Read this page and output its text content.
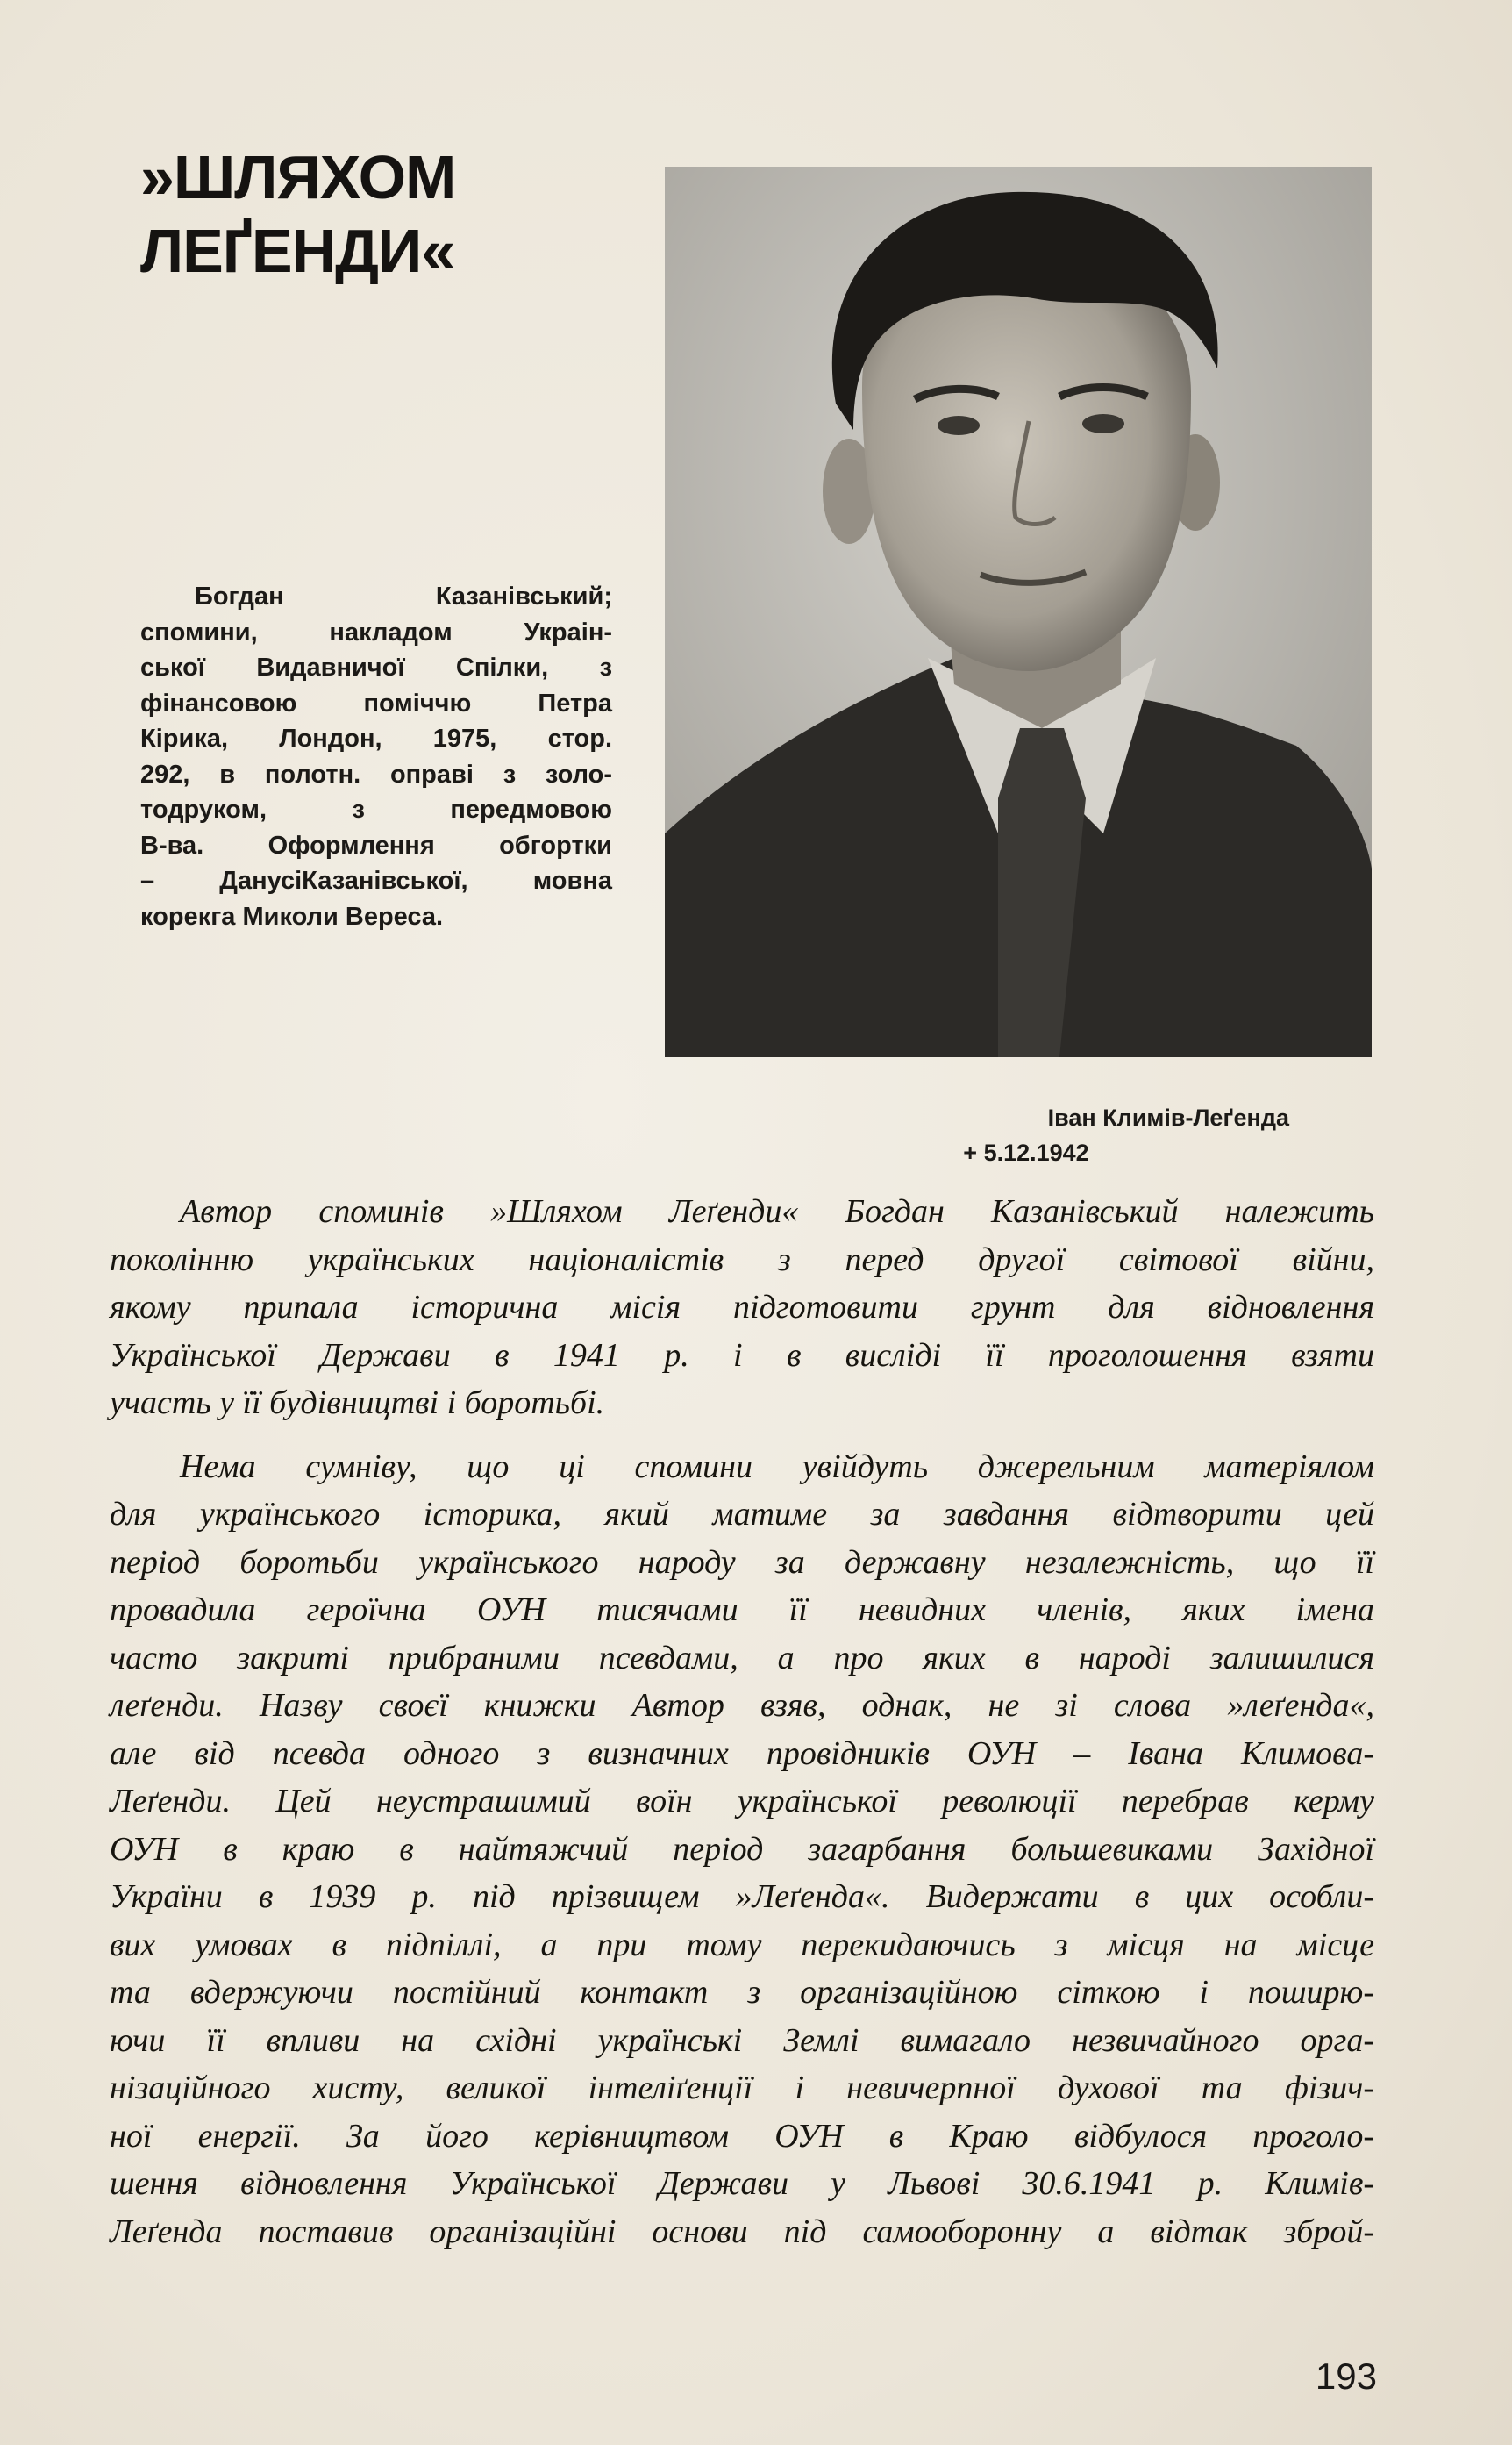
»ШЛЯХОМ
ЛЕҐЕНДИ«
Богдан Казанівський;
спомини, накладом Украін-
ської Видавничої Спілки, з
фінансовою поміччю Петра
Кірика, Лондон, 1975, стор.
292, в полотн. оправі з золо-
тодруком, з передмовою
В-ва. Оформлення обгортки
– ДанусіКазанівської, мовна
корекга Миколи Вереса.
Іван Климів-Леґенда
+ 5.12.1942
Автор споминів »Шляхом Леґенди« Богдан Казанівський належить
поколінню українських націоналістів з перед другої світової війни,
якому припала історична місія підготовити грунт для відновлення
Української Держави в 1941 р. і в висліді її проголошення взяти
участь у її будівництві і боротьбі.
Нема сумніву, що ці спомини увійдуть джерельним матеріялом
для українського історика, який матиме за завдання відтворити цей
період боротьби українського народу за державну незалежність, що її
провадила героїчна ОУН тисячами її невидних членів, яких імена
часто закриті прибраними псевдами, а про яких в народі залишилися
леґенди. Назву своєї книжки Автор взяв, однак, не зі слова »леґенда«,
але від псевда одного з визначних провідників ОУН – Івана Климова-
Леґенди. Цей неустрашимий воїн української революції перебрав керму
ОУН в краю в найтяжчий період загарбання большевиками Західної
України в 1939 р. під прізвищем »Леґенда«. Видержати в цих особли-
вих умовах в підпіллі, а при тому перекидаючись з місця на місце
та вдержуючи постійний контакт з організаційною сіткою і поширю-
ючи її впливи на східні українські Землі вимагало незвичайного орга-
нізаційного хисту, великої інтеліґенції і невичерпної духової та фізич-
ної енергії. За його керівництвом ОУН в Краю відбулося проголо-
шення відновлення Української Держави у Львові 30.6.1941 р. Климів-
Леґенда поставив організаційні основи під самооборонну а відтак збрoй-
193
